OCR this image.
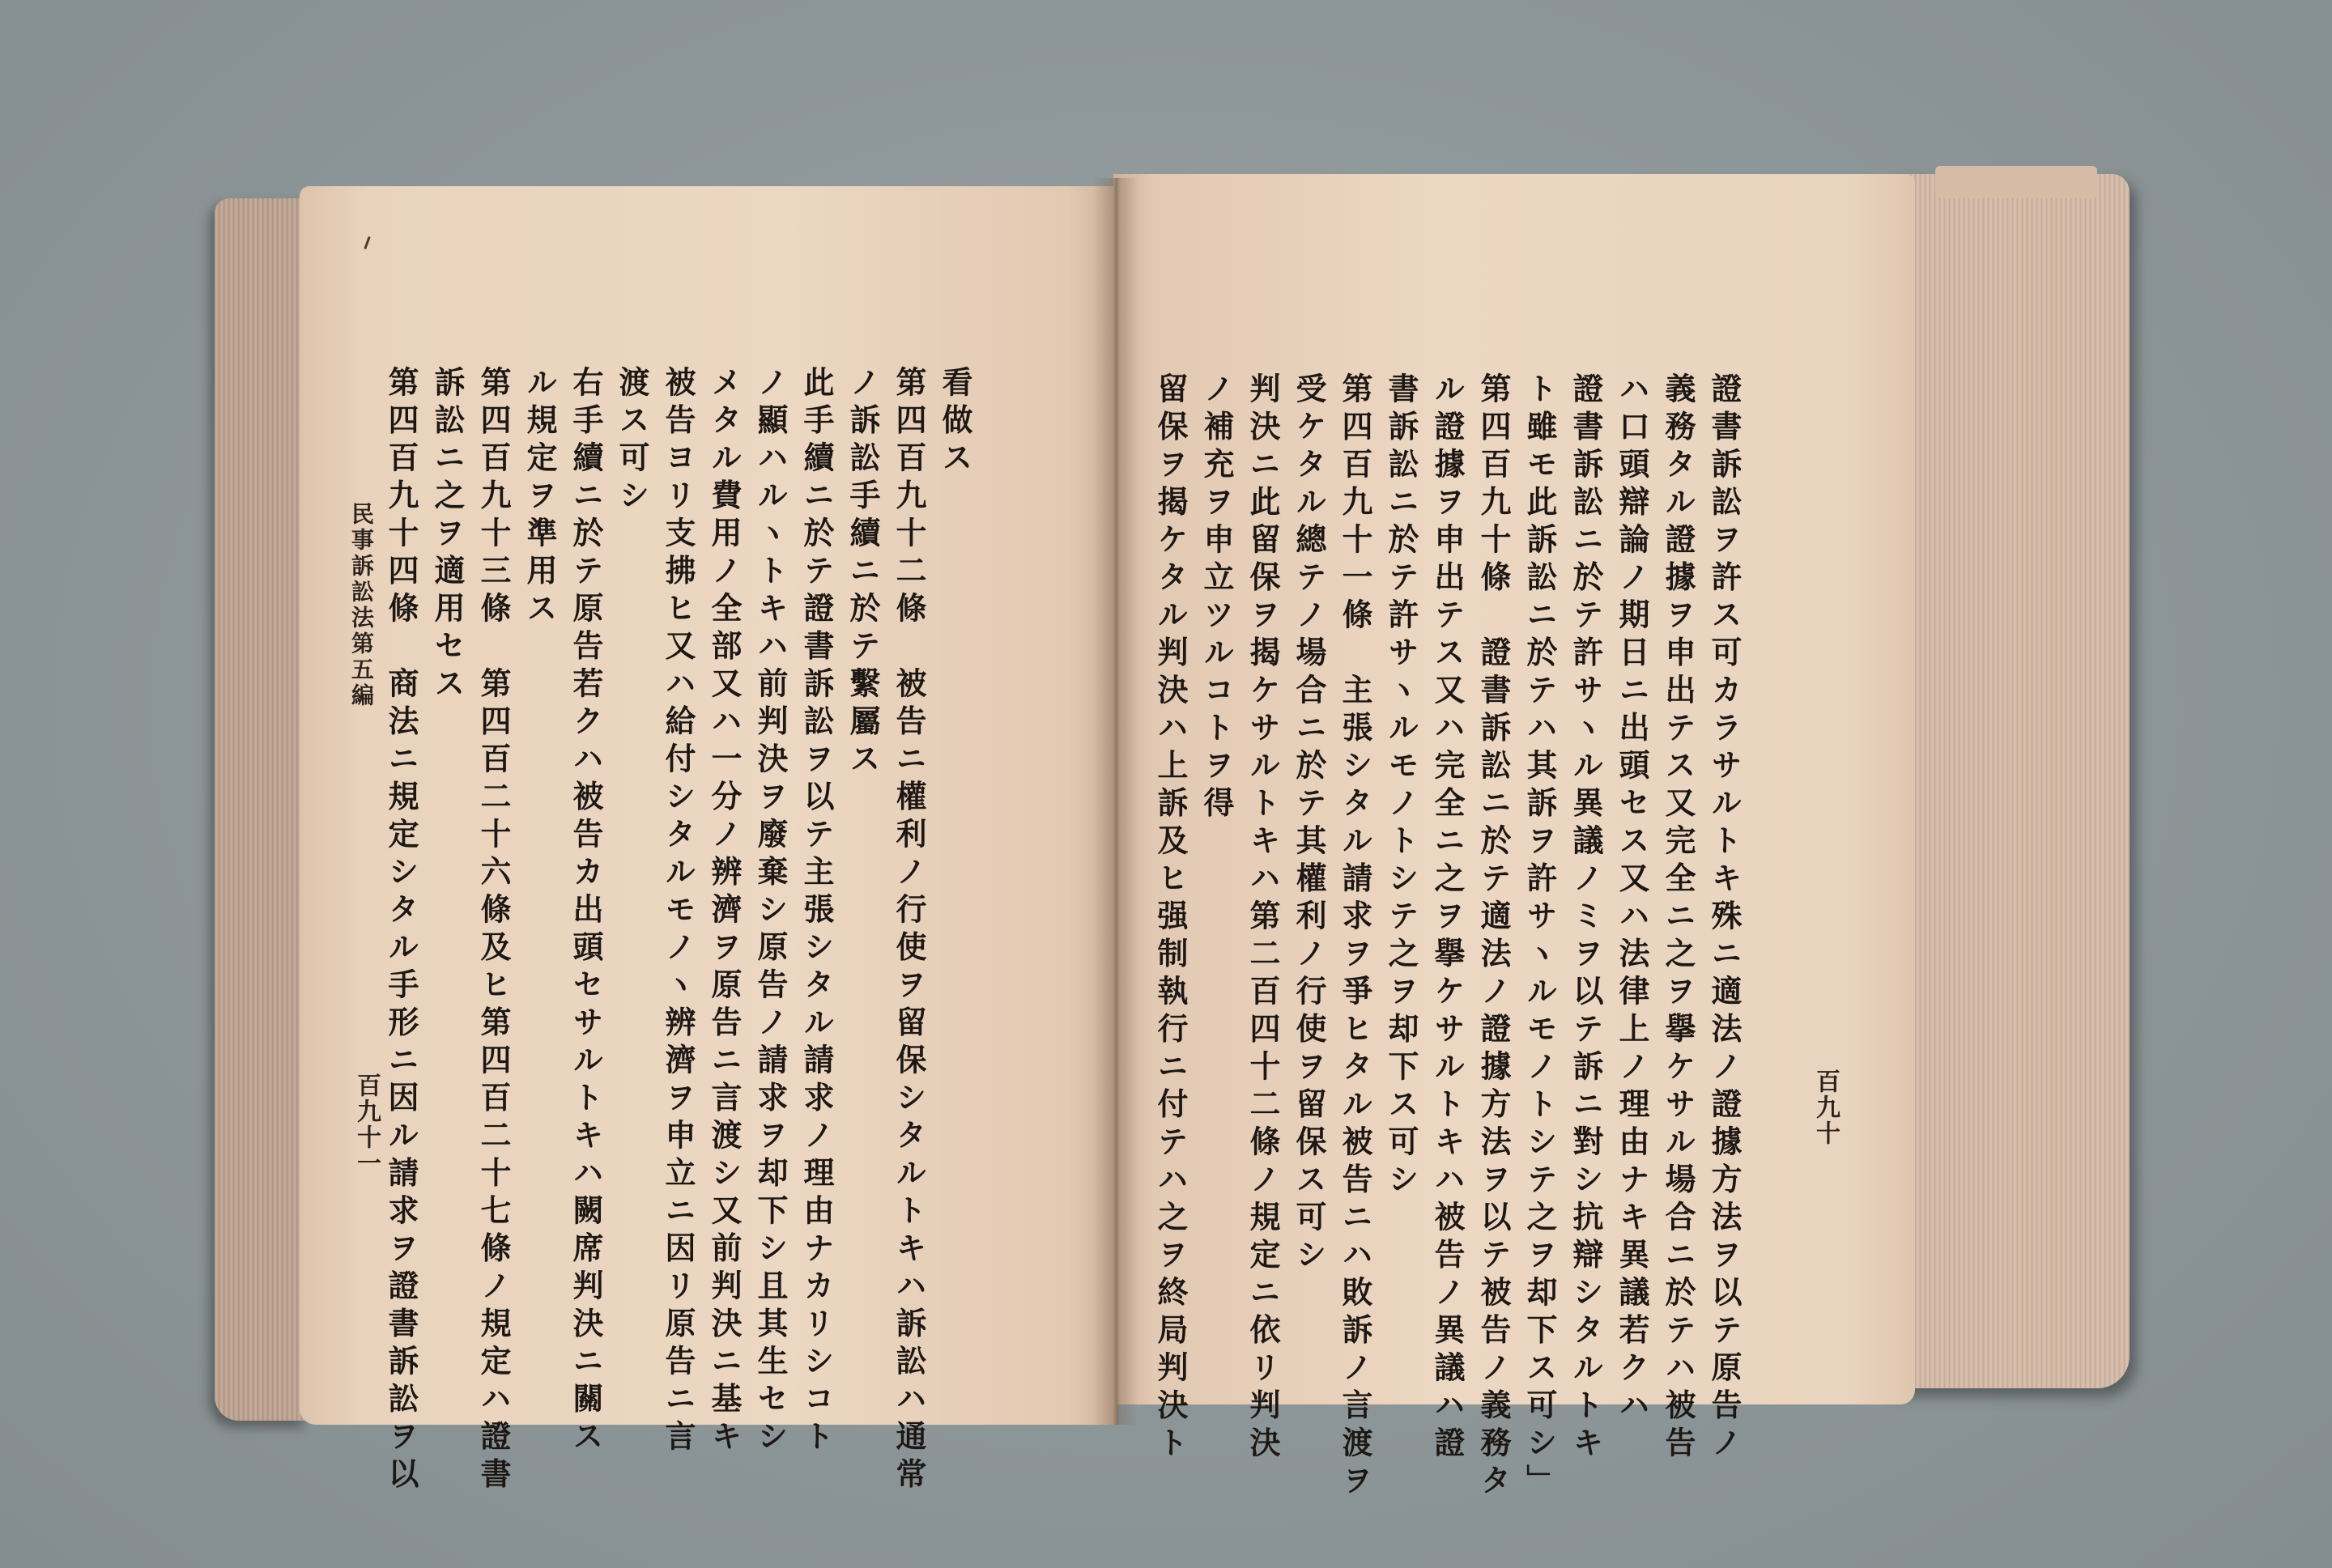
百九十
證書訴訟ヲ許ス可カラサルトキ殊ニ適法ノ證據方法ヲ以テ原告ノ
義務タル證據ヲ申出テス又完全ニ之ヲ擧ケサル場合ニ於テハ被告
ハ口頭辯論ノ期日ニ出頭セス又ハ法律上ノ理由ナキ異議若クハ
證書訴訟ニ於テ許サヽル異議ノミヲ以テ訴ニ對シ抗辯シタルトキ
ト雖モ此訴訟ニ於テハ其訴ヲ許サヽルモノトシテ之ヲ却下ス可シ」
第四百九十條　證書訴訟ニ於テ適法ノ證據方法ヲ以テ被告ノ義務タ
ル證據ヲ申出テス又ハ完全ニ之ヲ擧ケサルトキハ被告ノ異議ハ證
書訴訟ニ於テ許サヽルモノトシテ之ヲ却下ス可シ
第四百九十一條　主張シタル請求ヲ爭ヒタル被告ニハ敗訴ノ言渡ヲ
受ケタル總テノ場合ニ於テ其權利ノ行使ヲ留保ス可シ
判決ニ此留保ヲ揭ケサルトキハ第二百四十二條ノ規定ニ依リ判決
ノ補充ヲ申立ツルコトヲ得
留保ヲ揭ケタル判決ハ上訴及ヒ强制執行ニ付テハ之ヲ終局判決ト
看做ス
第四百九十二條　被告ニ權利ノ行使ヲ留保シタルトキハ訴訟ハ通常
ノ訴訟手續ニ於テ繫屬ス
此手續ニ於テ證書訴訟ヲ以テ主張シタル請求ノ理由ナカリシコト
ノ顯ハルヽトキハ前判決ヲ廢棄シ原告ノ請求ヲ却下シ且其生セシ
メタル費用ノ全部又ハ一分ノ辨濟ヲ原告ニ言渡シ又前判決ニ基キ
被告ヨリ支拂ヒ又ハ給付シタルモノヽ辨濟ヲ申立ニ因リ原告ニ言
渡ス可シ
右手續ニ於テ原告若クハ被告カ出頭セサルトキハ闕席判決ニ關ス
ル規定ヲ準用ス
第四百九十三條　第四百二十六條及ヒ第四百二十七條ノ規定ハ證書
訴訟ニ之ヲ適用セス
第四百九十四條　商法ニ規定シタル手形ニ因ル請求ヲ證書訴訟ヲ以
民事訴訟法第五編
百九十一
